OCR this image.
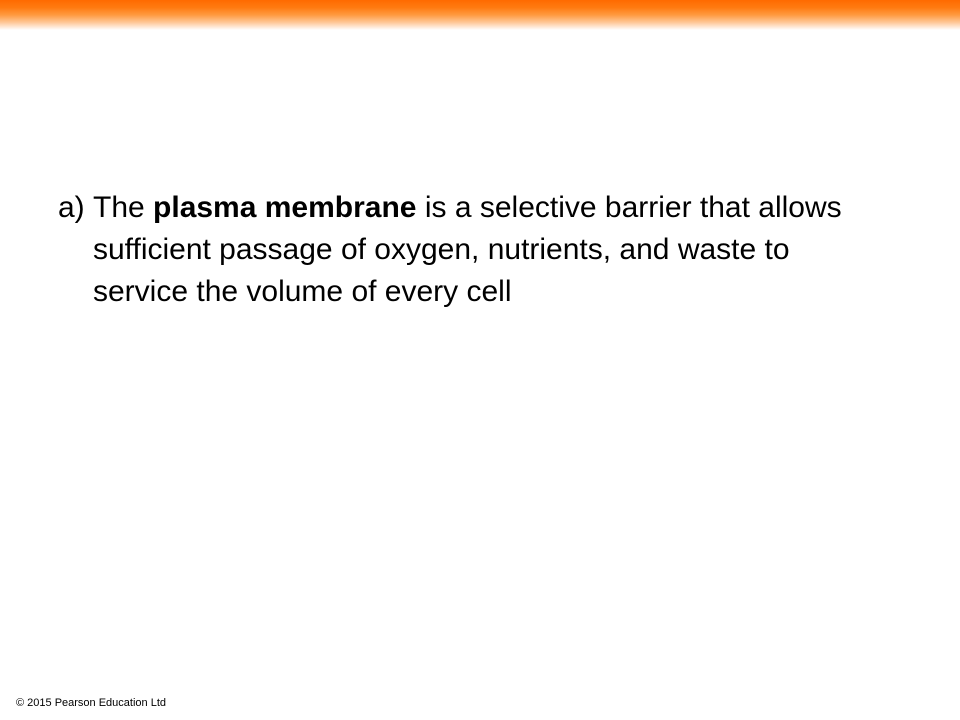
a) The plasma membrane is a selective barrier that allows sufficient passage of oxygen, nutrients, and waste to service the volume of every cell
© 2015 Pearson Education Ltd
